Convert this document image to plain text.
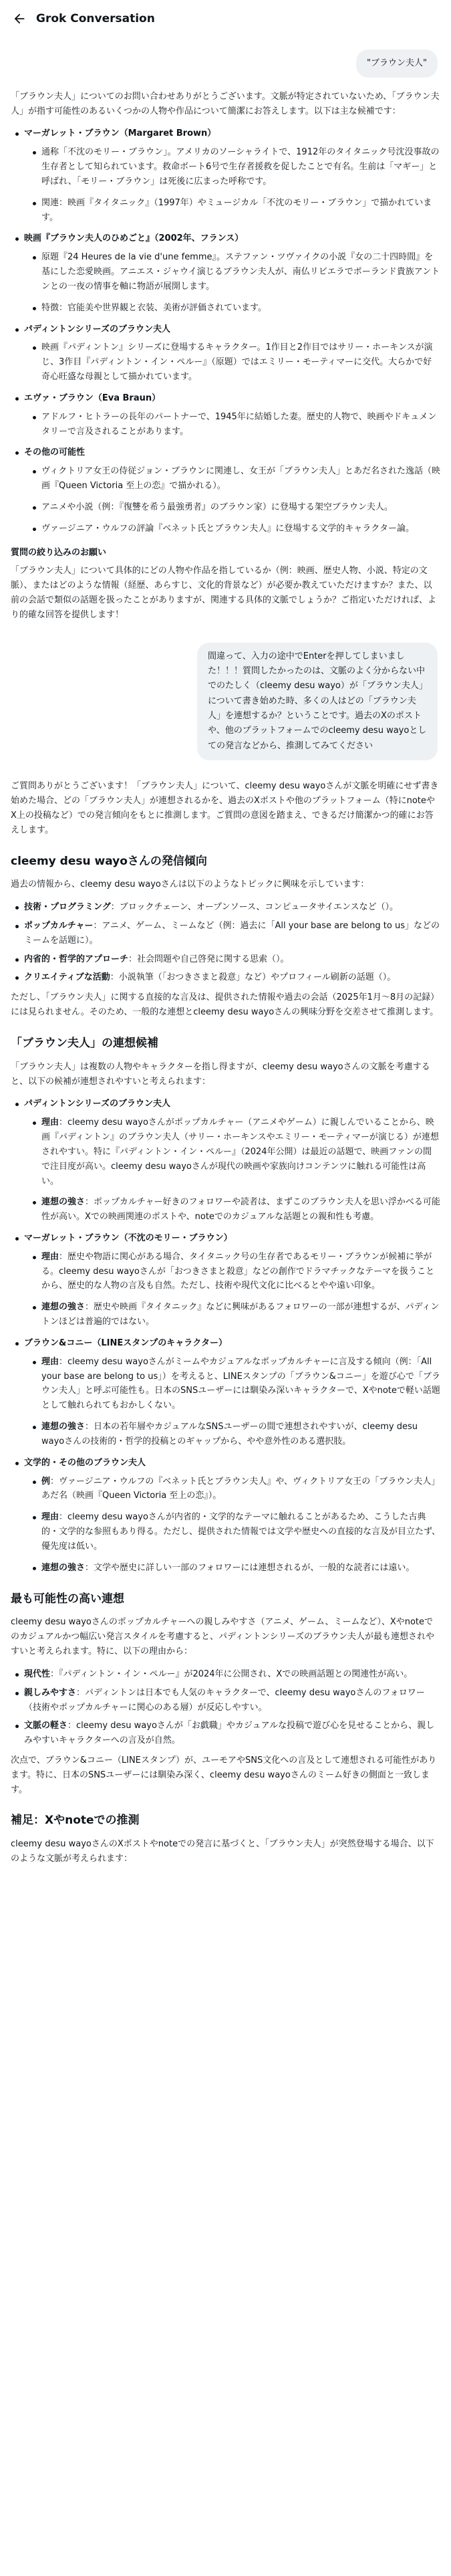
Grok Conversation
"ブラウン夫人"

「ブラウン夫人」についてのお問い合わせありがとうございます。文脈が特定されていないため、「ブラウン夫人」が指す可能性のあるいくつかの人物や作品について簡潔にお答えします。以下は主な候補です：

マーガレット・ブラウン（Margaret Brown）
通称「不沈のモリー・ブラウン」。アメリカのソーシャライトで、1912年のタイタニック号沈没事故の生存者として知られています。救命ボート6号で生存者援救を促したことで有名。生前は「マギー」と呼ばれ、「モリー・ブラウン」は死後に広まった呼称です。
関連：映画『タイタニック』（1997年）やミュージカル「不沈のモリー・ブラウン」で描かれています。
映画『ブラウン夫人のひめごと』（2002年、フランス）
原題『24 Heures de la vie d'une femme』。ステファン・ツヴァイクの小説『女の二十四時間』を基にした恋愛映画。アニエス・ジャウイ演じるブラウン夫人が、南仏リビエラでポーランド貴族アントンとの一夜の情事を軸に物語が展開します。
特徴：官能美や世界観と衣装、美術が評価されています。
パディントンシリーズのブラウン夫人
映画『パディントン』シリーズに登場するキャラクター。1作目と2作目ではサリー・ホーキンスが演じ、3作目『パディントン・イン・ペルー』（原題）ではエミリー・モーティマーに交代。大らかで好奇心旺盛な母親として描かれています。
エヴァ・ブラウン（Eva Braun）
アドルフ・ヒトラーの長年のパートナーで、1945年に結婚した妻。歴史的人物で、映画やドキュメンタリーで言及されることがあります。
その他の可能性
ヴィクトリア女王の侍従ジョン・ブラウンに関連し、女王が「ブラウン夫人」とあだ名された逸話（映画『Queen Victoria 至上の恋』で描かれる）。
アニメや小説（例：『復讐を希う最強勇者』のブラウン家）に登場する架空ブラウン夫人。
ヴァージニア・ウルフの評論『ベネット氏とブラウン夫人』に登場する文学的キャラクター論。
質問の絞り込みのお願い

「ブラウン夫人」について具体的にどの人物や作品を指しているか（例：映画、歴史人物、小説、特定の文脈）、またはどのような情報（経歴、あらすじ、文化的背景など）が必要か教えていただけますか？また、以前の会話で類似の話題を扱ったことがありますが、関連する具体的文脈でしょうか？ご指定いただければ、より的確な回答を提供します！

間違って、入力の途中でEnterを押してしまいました！！！質問したかったのは、文脈のよく分からない中でのたしく（cleemy desu wayo）が「ブラウン夫人」について書き始めた時、多くの人はどの「ブラウン夫人」を連想するか？ということです。過去のXのポストや、他のプラットフォームでのcleemy desu wayoとしての発言などから、推測してみてください

ご質問ありがとうございます！「ブラウン夫人」について、cleemy desu wayoさんが文脈を明確にせず書き始めた場合、どの「ブラウン夫人」が連想されるかを、過去のXポストや他のプラットフォーム（特にnoteやX上の投稿など）での発言傾向をもとに推測します。ご質問の意図を踏まえ、できるだけ簡潔かつ的確にお答えします。

cleemy desu wayoさんの発信傾向

過去の情報から、cleemy desu wayoさんは以下のようなトピックに興味を示しています：

技術・プログラミング：ブロックチェーン、オープンソース、コンピュータサイエンスなど（）。
ポップカルチャー：アニメ、ゲーム、ミームなど（例：過去に「All your base are belong to us」などのミームを話題に）。
内省的・哲学的アプローチ：社会問題や自己啓発に関する思索（）。
クリエイティブな活動：小説執筆（「おつきさまと殺意」など）やプロフィール刷新の話題（）。

ただし、「ブラウン夫人」に関する直接的な言及は、提供された情報や過去の会話（2025年1月〜8月の記録）には見られません。そのため、一般的な連想とcleemy desu wayoさんの興味分野を交差させて推測します。

「ブラウン夫人」の連想候補

「ブラウン夫人」は複数の人物やキャラクターを指し得ますが、cleemy desu wayoさんの文脈を考慮すると、以下の候補が連想されやすいと考えられます：

パディントンシリーズのブラウン夫人
理由：cleemy desu wayoさんがポップカルチャー（アニメやゲーム）に親しんでいることから、映画『パディントン』のブラウン夫人（サリー・ホーキンスやエミリー・モーティマーが演じる）が連想されやすい。特に『パディントン・イン・ペルー』（2024年公開）は最近の話題で、映画ファンの間で注目度が高い。cleemy desu wayoさんが現代の映画や家族向けコンテンツに触れる可能性は高い。
連想の強さ：ポップカルチャー好きのフォロワーや読者は、まずこのブラウン夫人を思い浮かべる可能性が高い。Xでの映画関連のポストや、noteでのカジュアルな話題との親和性も考慮。
マーガレット・ブラウン（不沈のモリー・ブラウン）
理由：歴史や物語に関心がある場合、タイタニック号の生存者であるモリー・ブラウンが候補に挙がる。cleemy desu wayoさんが「おつきさまと殺意」などの創作でドラマチックなテーマを扱うことから、歴史的な人物の言及も自然。ただし、技術や現代文化に比べるとやや遠い印象。
連想の強さ：歴史や映画『タイタニック』などに興味があるフォロワーの一部が連想するが、パディントンほどは普遍的ではない。
ブラウン&コニー（LINEスタンプのキャラクター）
理由：cleemy desu wayoさんがミームやカジュアルなポップカルチャーに言及する傾向（例：「All your base are belong to us」）を考えると、LINEスタンプの「ブラウン&コニー」を遊び心で「ブラウン夫人」と呼ぶ可能性も。日本のSNSユーザーには馴染み深いキャラクターで、Xやnoteで軽い話題として触れられてもおかしくない。
連想の強さ：日本の若年層やカジュアルなSNSユーザーの間で連想されやすいが、cleemy desu wayoさんの技術的・哲学的投稿とのギャップから、やや意外性のある選択肢。
文学的・その他のブラウン夫人
例：ヴァージニア・ウルフの『ベネット氏とブラウン夫人』や、ヴィクトリア女王の「ブラウン夫人」あだ名（映画『Queen Victoria 至上の恋』）。
理由：cleemy desu wayoさんが内省的・文学的なテーマに触れることがあるため、こうした古典的・文学的な参照もあり得る。ただし、提供された情報では文学や歴史への直接的な言及が目立たず、優先度は低い。
連想の強さ：文学や歴史に詳しい一部のフォロワーには連想されるが、一般的な読者には遠い。
最も可能性の高い連想

cleemy desu wayoさんのポップカルチャーへの親しみやすさ（アニメ、ゲーム、ミームなど）、Xやnoteでのカジュアルかつ幅広い発言スタイルを考慮すると、パディントンシリーズのブラウン夫人が最も連想されやすいと考えられます。特に、以下の理由から：

現代性：『パディントン・イン・ペルー』が2024年に公開され、Xでの映画話題との関連性が高い。
親しみやすさ：パディントンは日本でも人気のキャラクターで、cleemy desu wayoさんのフォロワー（技術やポップカルチャーに関心のある層）が反応しやすい。
文脈の軽さ：cleemy desu wayoさんが「お戯職」やカジュアルな投稿で遊び心を見せることから、親しみやすいキャラクターへの言及が自然。

次点で、ブラウン&コニー（LINEスタンプ）が、ユーモアやSNS文化への言及として連想される可能性があります。特に、日本のSNSユーザーには馴染み深く、cleemy desu wayoさんのミーム好きの側面と一致します。

補足：Xやnoteでの推測

cleemy desu wayoさんのXポストやnoteでの発言に基づくと、「ブラウン夫人」が突然登場する場合、以下のような文脈が考えられます：
